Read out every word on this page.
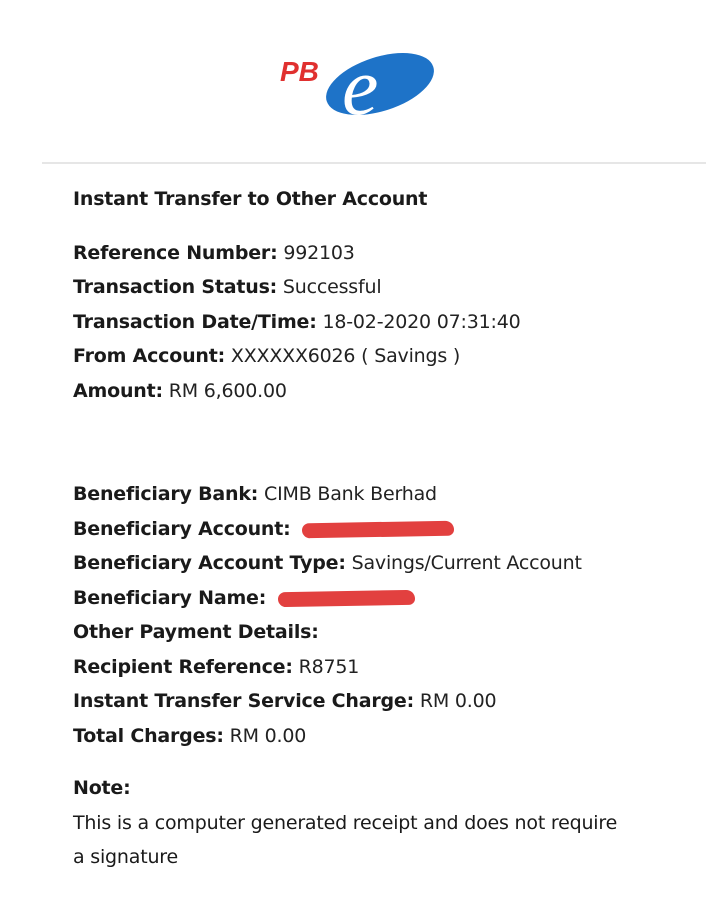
PB e
Instant Transfer to Other Account
Reference Number: 992103
Transaction Status: Successful
Transaction Date/Time: 18-02-2020 07:31:40
From Account: XXXXXX6026 ( Savings )
Amount: RM 6,600.00
Beneficiary Bank: CIMB Bank Berhad
Beneficiary Account:
Beneficiary Account Type: Savings/Current Account
Beneficiary Name:
Other Payment Details:
Recipient Reference: R8751
Instant Transfer Service Charge: RM 0.00
Total Charges: RM 0.00
Note:
This is a computer generated receipt and does not require a signature
